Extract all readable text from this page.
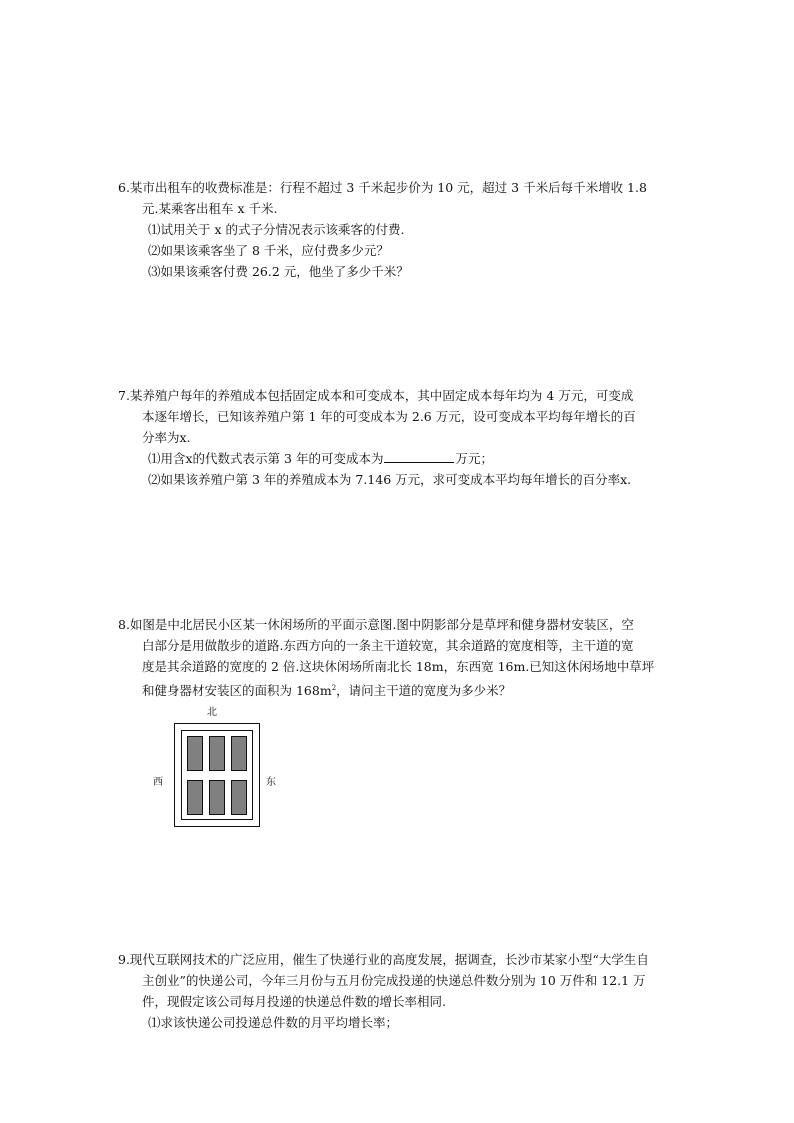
6.某市出租车的收费标准是：行程不超过 3 千米起步价为 10 元，超过 3 千米后每千米增收 1.8
元.某乘客出租车 x 千米.
⑴试用关于 x 的式子分情况表示该乘客的付费.
⑵如果该乘客坐了 8 千米，应付费多少元？
⑶如果该乘客付费 26.2 元，他坐了多少千米？
7.某养殖户每年的养殖成本包括固定成本和可变成本，其中固定成本每年均为 4 万元，可变成
本逐年增长，已知该养殖户第 1 年的可变成本为 2.6 万元，设可变成本平均每年增长的百
分率为x.
⑴用含x的代数式表示第 3 年的可变成本为	万元；
⑵如果该养殖户第 3 年的养殖成本为 7.146 万元，求可变成本平均每年增长的百分率x.
8.如图是中北居民小区某一休闲场所的平面示意图.图中阴影部分是草坪和健身器材安装区，空
白部分是用做散步的道路.东西方向的一条主干道较宽，其余道路的宽度相等，主干道的宽
度是其余道路的宽度的 2 倍.这块休闲场所南北长 18m，东西宽 16m.已知这休闲场地中草坪
和健身器材安装区的面积为 $168m^2$，请问主干道的宽度为多少米？
北
西	东
9.现代互联网技术的广泛应用，催生了快递行业的高度发展，据调查，长沙市某家小型“大学生自
主创业”的快递公司，今年三月份与五月份完成投递的快递总件数分别为 10 万件和 12.1 万
件，现假定该公司每月投递的快递总件数的增长率相同.
⑴求该快递公司投递总件数的月平均增长率；
